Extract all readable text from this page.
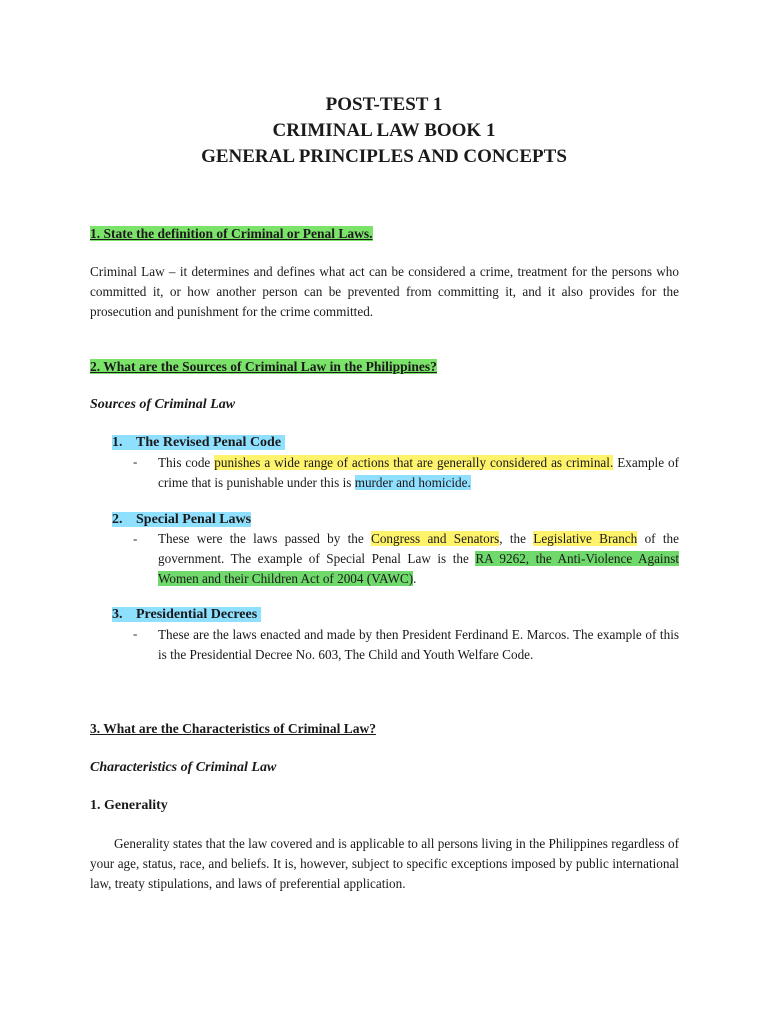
POST-TEST 1

CRIMINAL LAW BOOK 1

GENERAL PRINCIPLES AND CONCEPTS

1. State the definition of Criminal or Penal Laws.

Criminal Law – it determines and defines what act can be considered a crime, treatment for the persons who committed it, or how another person can be prevented from committing it, and it also provides for the prosecution and punishment for the crime committed.

2. What are the Sources of Criminal Law in the Philippines?

Sources of Criminal Law

1. The Revised Penal Code

- This code punishes a wide range of actions that are generally considered as criminal. Example of crime that is punishable under this is murder and homicide.

2. Special Penal Laws

- These were the laws passed by the Congress and Senators, the Legislative Branch of the government. The example of Special Penal Law is the RA 9262, the Anti-Violence Against Women and their Children Act of 2004 (VAWC).

3. Presidential Decrees

- These are the laws enacted and made by then President Ferdinand E. Marcos. The example of this is the Presidential Decree No. 603, The Child and Youth Welfare Code.

3. What are the Characteristics of Criminal Law?

Characteristics of Criminal Law

1. Generality

Generality states that the law covered and is applicable to all persons living in the Philippines regardless of your age, status, race, and beliefs. It is, however, subject to specific exceptions imposed by public international law, treaty stipulations, and laws of preferential application.
